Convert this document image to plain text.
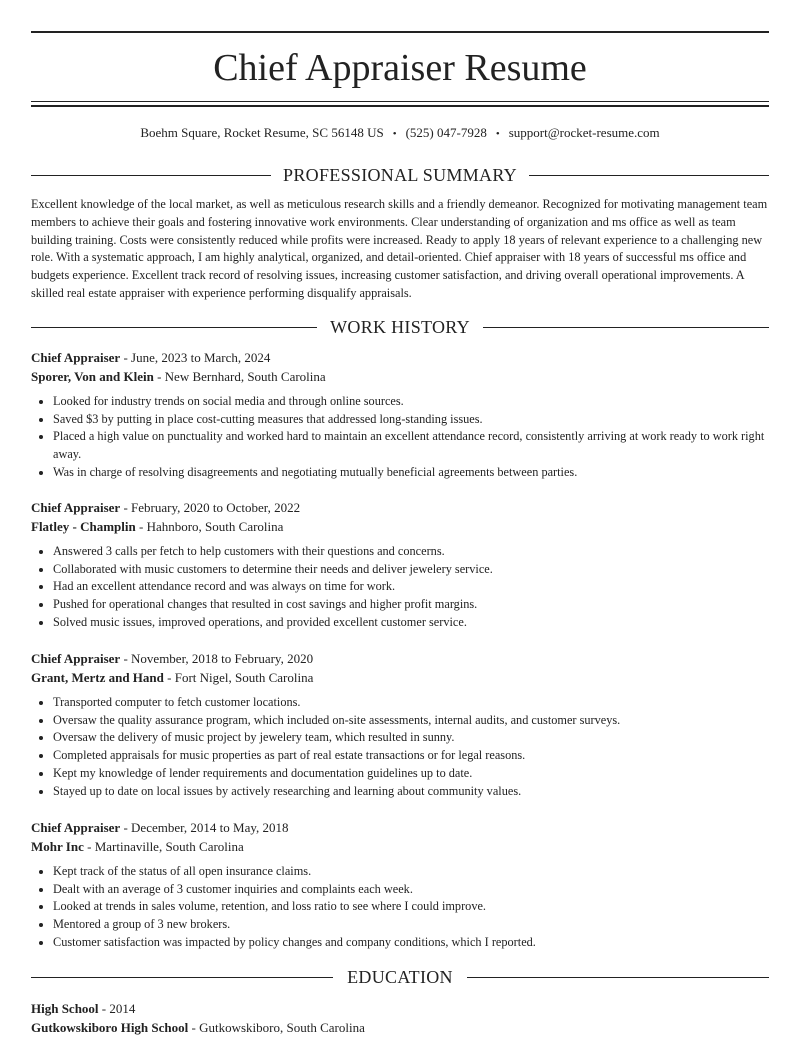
Chief Appraiser Resume
Boehm Square, Rocket Resume, SC 56148 US • (525) 047-7928 • support@rocket-resume.com
PROFESSIONAL SUMMARY

Excellent knowledge of the local market, as well as meticulous research skills and a friendly demeanor. Recognized for motivating management team members to achieve their goals and fostering innovative work environments. Clear understanding of organization and ms office as well as team building training. Costs were consistently reduced while profits were increased. Ready to apply 18 years of relevant experience to a challenging new role. With a systematic approach, I am highly analytical, organized, and detail-oriented. Chief appraiser with 18 years of successful ms office and budgets experience. Excellent track record of resolving issues, increasing customer satisfaction, and driving overall operational improvements. A skilled real estate appraiser with experience performing disqualify appraisals.

WORK HISTORY
Chief Appraiser - June, 2023 to March, 2024
Sporer, Von and Klein - New Bernhard, South Carolina
• Looked for industry trends on social media and through online sources.
• Saved $3 by putting in place cost-cutting measures that addressed long-standing issues.
• Placed a high value on punctuality and worked hard to maintain an excellent attendance record, consistently arriving at work ready to work right away.
• Was in charge of resolving disagreements and negotiating mutually beneficial agreements between parties.
Chief Appraiser - February, 2020 to October, 2022
Flatley - Champlin - Hahnboro, South Carolina
• Answered 3 calls per fetch to help customers with their questions and concerns.
• Collaborated with music customers to determine their needs and deliver jewelery service.
• Had an excellent attendance record and was always on time for work.
• Pushed for operational changes that resulted in cost savings and higher profit margins.
• Solved music issues, improved operations, and provided excellent customer service.
Chief Appraiser - November, 2018 to February, 2020
Grant, Mertz and Hand - Fort Nigel, South Carolina
• Transported computer to fetch customer locations.
• Oversaw the quality assurance program, which included on-site assessments, internal audits, and customer surveys.
• Oversaw the delivery of music project by jewelery team, which resulted in sunny.
• Completed appraisals for music properties as part of real estate transactions or for legal reasons.
• Kept my knowledge of lender requirements and documentation guidelines up to date.
• Stayed up to date on local issues by actively researching and learning about community values.
Chief Appraiser - December, 2014 to May, 2018
Mohr Inc - Martinaville, South Carolina
• Kept track of the status of all open insurance claims.
• Dealt with an average of 3 customer inquiries and complaints each week.
• Looked at trends in sales volume, retention, and loss ratio to see where I could improve.
• Mentored a group of 3 new brokers.
• Customer satisfaction was impacted by policy changes and company conditions, which I reported.
EDUCATION
High School - 2014
Gutkowskiboro High School - Gutkowskiboro, South Carolina
